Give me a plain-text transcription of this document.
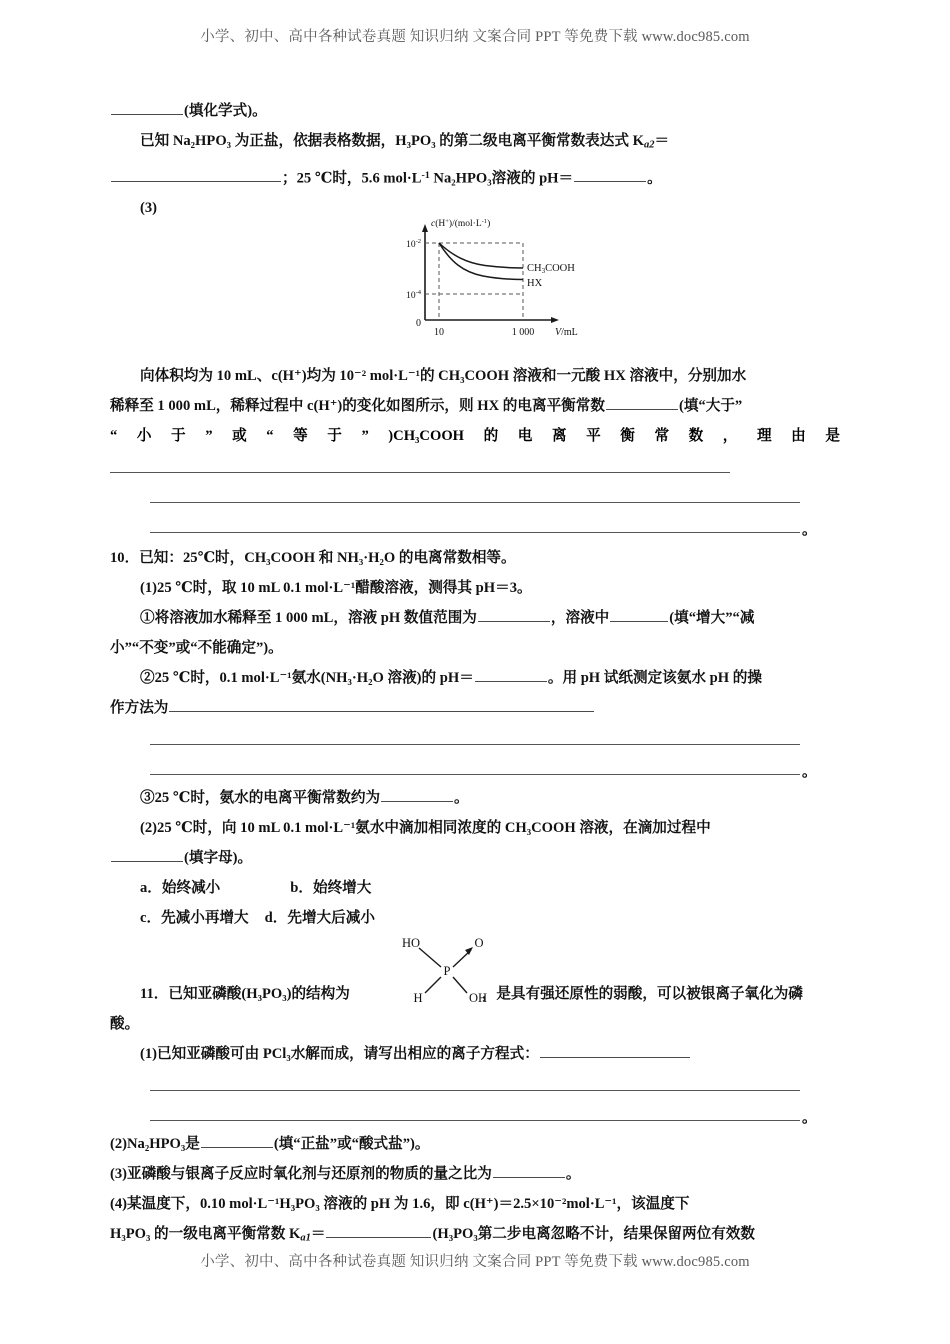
小学、初中、高中各种试卷真题 知识归纳 文案合同 PPT 等免费下载 www.doc985.com
(填化学式)。
已知 Na₂HPO₃ 为正盐，依据表格数据，H₃PO₃ 的第二级电离平衡常数表达式 Ka2＝
；25 ℃时，5.6 $mol\cdot L^{-1}$ Na₂HPO₃溶液的 pH＝	。
(3)
向体积均为 10 mL、c(H⁺)均为 10⁻² mol·L⁻¹的 CH₃COOH 溶液和一元酸 HX 溶液中，分别加水
稀释至 1 000 mL，稀释过程中 c(H⁺)的变化如图所示，则 HX 的电离平衡常数	(填“大于”
“ 小 于 ” 或 “ 等 于 ” )CH₃COOH 的 电 离 平 衡 常 数 ， 理 由 是
。
10．已知：25℃时，CH₃COOH 和 NH₃·H₂O 的电离常数相等。
(1)25 ℃时，取 10 mL 0.1 mol·L⁻¹醋酸溶液，测得其 pH＝3。
①将溶液加水稀释至 1 000 mL，溶液 pH 数值范围为	，溶液中	(填“增大”“减
小”“不变”或“不能确定”)。
②25 ℃时，0.1 mol·L⁻¹氨水(NH₃·H₂O 溶液)的 pH＝	。用 pH 试纸测定该氨水 pH 的操
作方法为
。
③25 ℃时，氨水的电离平衡常数约为	。
(2)25 ℃时，向 10 mL 0.1 mol·L⁻¹氨水中滴加相同浓度的 CH₃COOH 溶液，在滴加过程中
(填字母)。
a．始终减小	b．始终增大
c．先减小再增大 d．先增大后减小
11．已知亚磷酸(H₃PO₃)的结构为	，是具有强还原性的弱酸，可以被银离子氧化为磷
酸。
(1)已知亚磷酸可由 PCl₃水解而成，请写出相应的离子方程式：
。
(2)Na₂HPO₃是	(填“正盐”或“酸式盐”)。
(3)亚磷酸与银离子反应时氧化剂与还原剂的物质的量之比为	。
(4)某温度下，0.10 mol·L⁻¹H₃PO₃ 溶液的 pH 为 1.6，即 c(H⁺)＝2.5×10⁻²mol·L⁻¹，该温度下
H₃PO₃ 的一级电离平衡常数 Ka1＝	(H₃PO₃第二步电离忽略不计，结果保留两位有效数
$10^{-2}$
$10^{-4}$
0
10	1 000
$c(H^+)/(mol\cdot L^{-1})$
V/mL
CH3COOH
HX
HO	O
P
H	OH
小学、初中、高中各种试卷真题 知识归纳 文案合同 PPT 等免费下载 www.doc985.com
